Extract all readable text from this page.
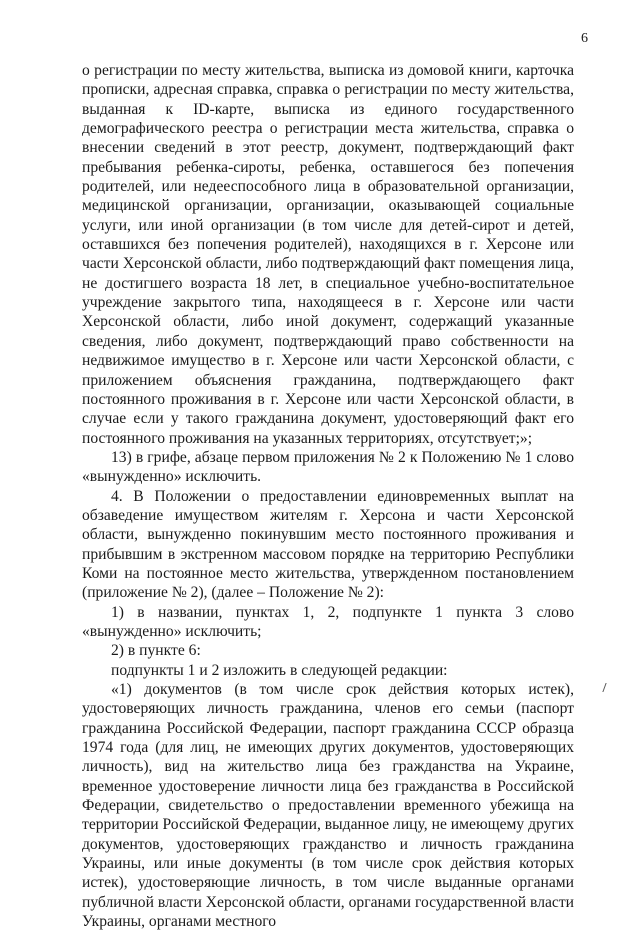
6

о регистрации по месту жительства, выписка из домовой книги, карточка прописки, адресная справка, справка о регистрации по месту жительства, выданная к ID-карте, выписка из единого государственного демографического реестра о регистрации места жительства, справка о внесении сведений в этот реестр, документ, подтверждающий факт пребывания ребенка-сироты, ребенка, оставшегося без попечения родителей, или недееспособного лица в образовательной организации, медицинской организации, организации, оказывающей социальные услуги, или иной организации (в том числе для детей-сирот и детей, оставшихся без попечения родителей), находящихся в г. Херсоне или части Херсонской области, либо подтверждающий факт помещения лица, не достигшего возраста 18 лет, в специальное учебно-воспитательное учреждение закрытого типа, находящееся в г. Херсоне или части Херсонской области, либо иной документ, содержащий указанные сведения, либо документ, подтверждающий право собственности на недвижимое имущество в г. Херсоне или части Херсонской области, с приложением объяснения гражданина, подтверждающего факт постоянного проживания в г. Херсоне или части Херсонской области, в случае если у такого гражданина документ, удостоверяющий факт его постоянного проживания на указанных территориях, отсутствует;»;

13) в грифе, абзаце первом приложения № 2 к Положению № 1 слово «вынужденно» исключить.

4. В Положении о предоставлении единовременных выплат на обзаведение имуществом жителям г. Херсона и части Херсонской области, вынужденно покинувшим место постоянного проживания и прибывшим в экстренном массовом порядке на территорию Республики Коми на постоянное место жительства, утвержденном постановлением (приложение № 2), (далее – Положение № 2):

1) в названии, пунктах 1, 2, подпункте 1 пункта 3 слово «вынужденно» исключить;

2) в пункте 6:

подпункты 1 и 2 изложить в следующей редакции:

«1) документов (в том числе срок действия которых истек), удостоверяющих личность гражданина, членов его семьи (паспорт гражданина Российской Федерации, паспорт гражданина СССР образца 1974 года (для лиц, не имеющих других документов, удостоверяющих личность), вид на жительство лица без гражданства на Украине, временное удостоверение личности лица без гражданства в Российской Федерации, свидетельство о предоставлении временного убежища на территории Российской Федерации, выданное лицу, не имеющему других документов, удостоверяющих гражданство и личность гражданина Украины, или иные документы (в том числе срок действия которых истек), удостоверяющие личность, в том числе выданные органами публичной власти Херсонской области, органами государственной власти Украины, органами местного
